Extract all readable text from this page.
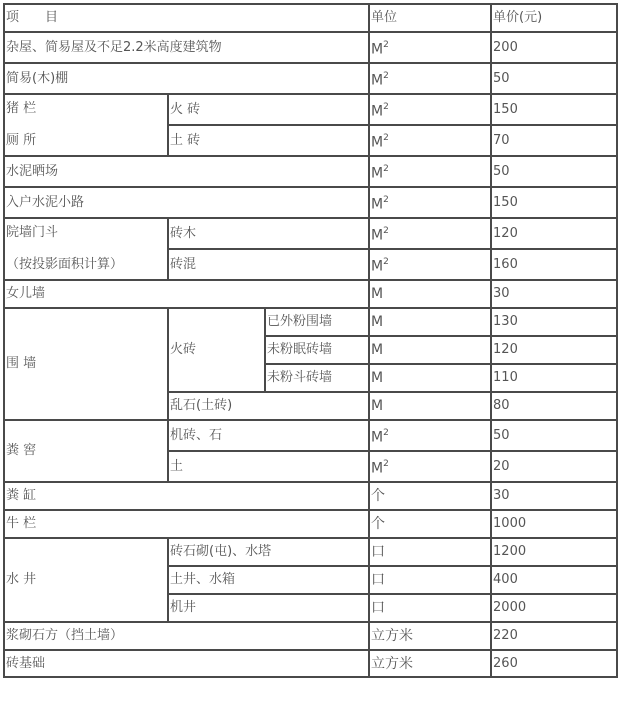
项　　目			单位	单价(元)
杂屋、简易屋及不足2.2米高度建筑物			$M^2$	200
简易(木)棚			$M^2$	50

猪 栏
厕 所	火 砖		$M^2$	150
	土 砖		$M^2$	70
水泥晒场			$M^2$	50
入户水泥小路			$M^2$	150

院墙门斗
（按投影面积计算）	砖木		$M^2$	120
	砖混		$M^2$	160
女儿墙			M	30
围 墙	火砖	已外粉围墙	M	130
		未粉眠砖墙	M	120
		未粉斗砖墙	M	110
	乱石(土砖)		M	80
粪 窖	机砖、石		$M^2$	50
	土		$M^2$	20
粪 缸			个	30
牛 栏			个	1000
水 井	砖石砌(屯)、水塔		口	1200
	土井、水箱		口	400
	机井		口	2000
浆砌石方（挡土墙）			立方米	220
砖基础			立方米	260
